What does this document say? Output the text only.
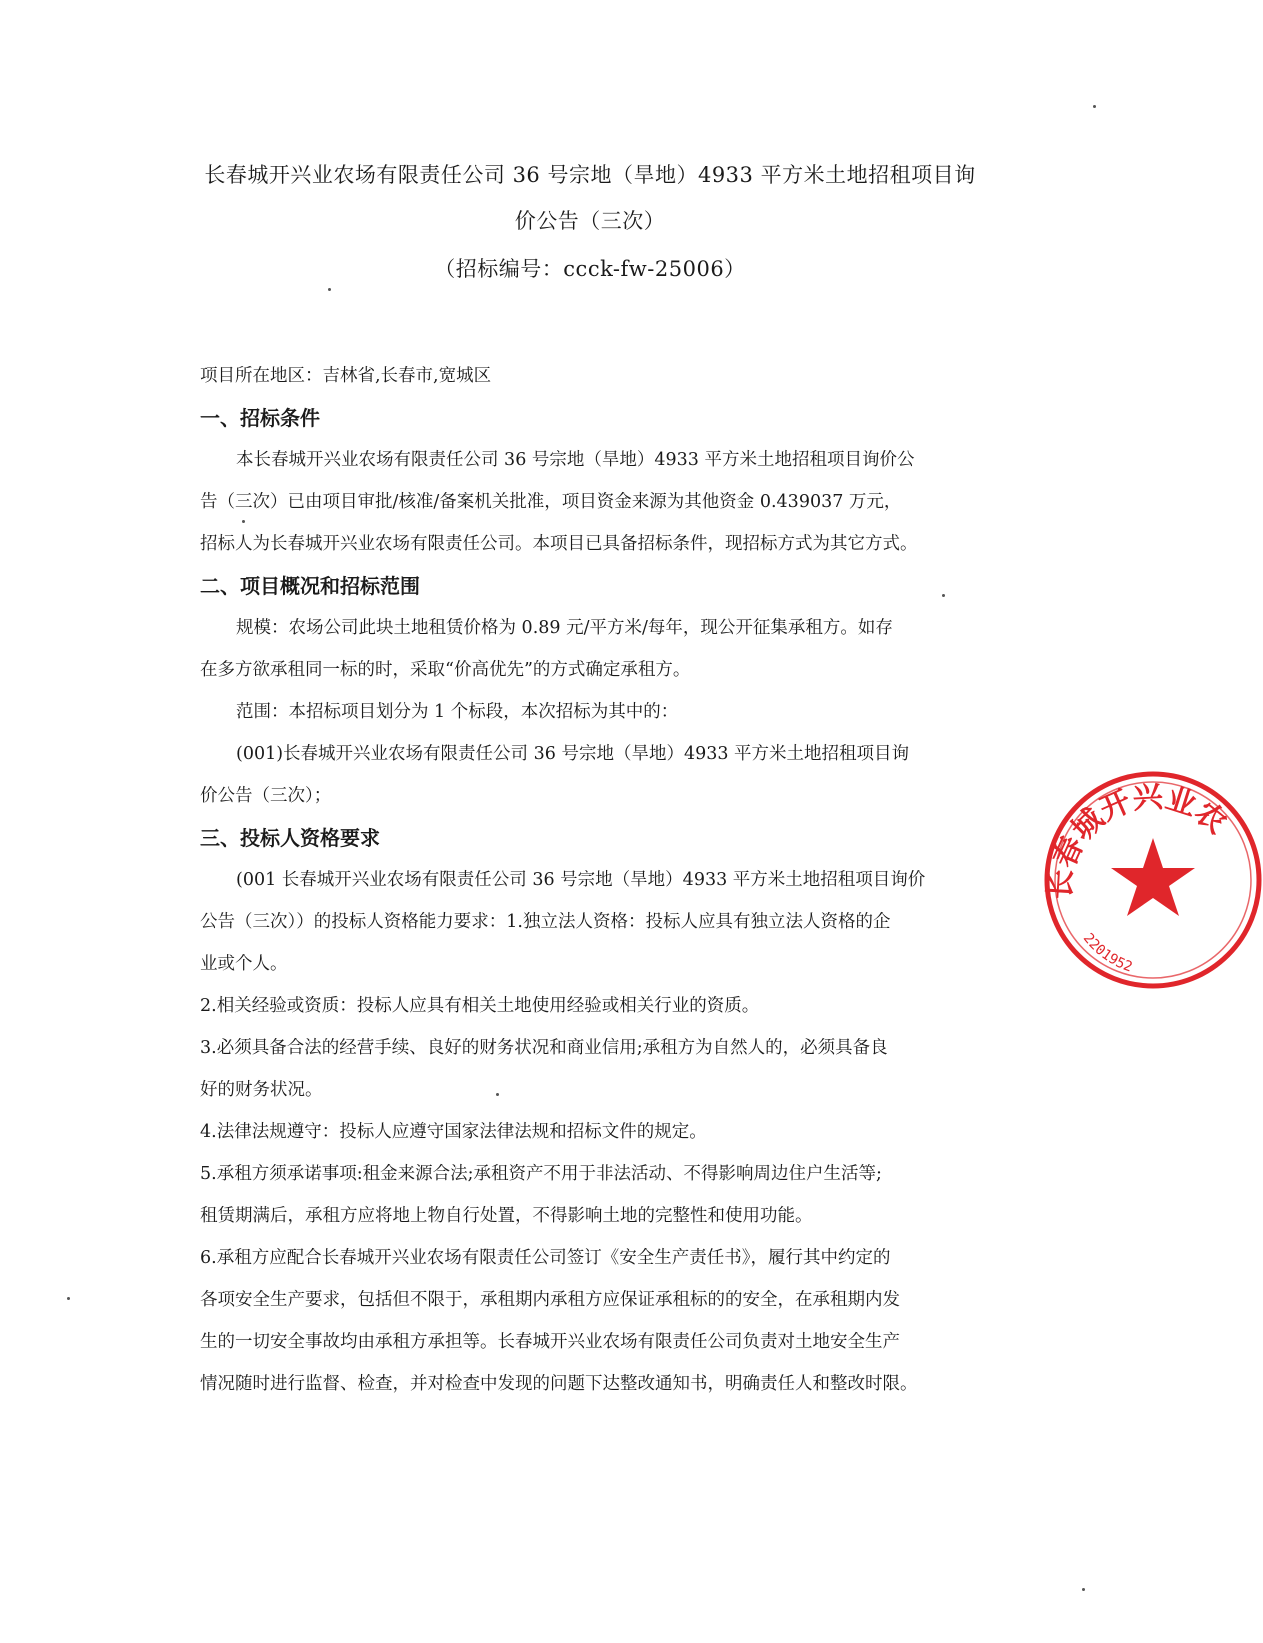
长春城开兴业农场有限责任公司 36 号宗地（旱地）4933 平方米土地招租项目询

价公告（三次）

（招标编号：ccck-fw-25006）

项目所在地区：吉林省,长春市,宽城区

一、招标条件

本长春城开兴业农场有限责任公司 36 号宗地（旱地）4933 平方米土地招租项目询价公

告（三次）已由项目审批/核准/备案机关批准，项目资金来源为其他资金 0.439037 万元，

招标人为长春城开兴业农场有限责任公司。本项目已具备招标条件，现招标方式为其它方式。

二、项目概况和招标范围

规模：农场公司此块土地租赁价格为 0.89 元/平方米/每年，现公开征集承租方。如存

在多方欲承租同一标的时，采取“价高优先”的方式确定承租方。

范围：本招标项目划分为 1 个标段，本次招标为其中的：

(001)长春城开兴业农场有限责任公司 36 号宗地（旱地）4933 平方米土地招租项目询

价公告（三次）；

三、投标人资格要求

(001 长春城开兴业农场有限责任公司 36 号宗地（旱地）4933 平方米土地招租项目询价

公告（三次））的投标人资格能力要求：1.独立法人资格：投标人应具有独立法人资格的企

业或个人。

2.相关经验或资质：投标人应具有相关土地使用经验或相关行业的资质。

3.必须具备合法的经营手续、良好的财务状况和商业信用;承租方为自然人的，必须具备良

好的财务状况。

4.法律法规遵守：投标人应遵守国家法律法规和招标文件的规定。

5.承租方须承诺事项:租金来源合法;承租资产不用于非法活动、不得影响周边住户生活等;

租赁期满后，承租方应将地上物自行处置，不得影响土地的完整性和使用功能。

6.承租方应配合长春城开兴业农场有限责任公司签订《安全生产责任书》，履行其中约定的

各项安全生产要求，包括但不限于，承租期内承租方应保证承租标的的安全，在承租期内发

生的一切安全事故均由承租方承担等。长春城开兴业农场有限责任公司负责对土地安全生产

情况随时进行监督、检查，并对检查中发现的问题下达整改通知书，明确责任人和整改时限。

长春城开兴业农
2201952
